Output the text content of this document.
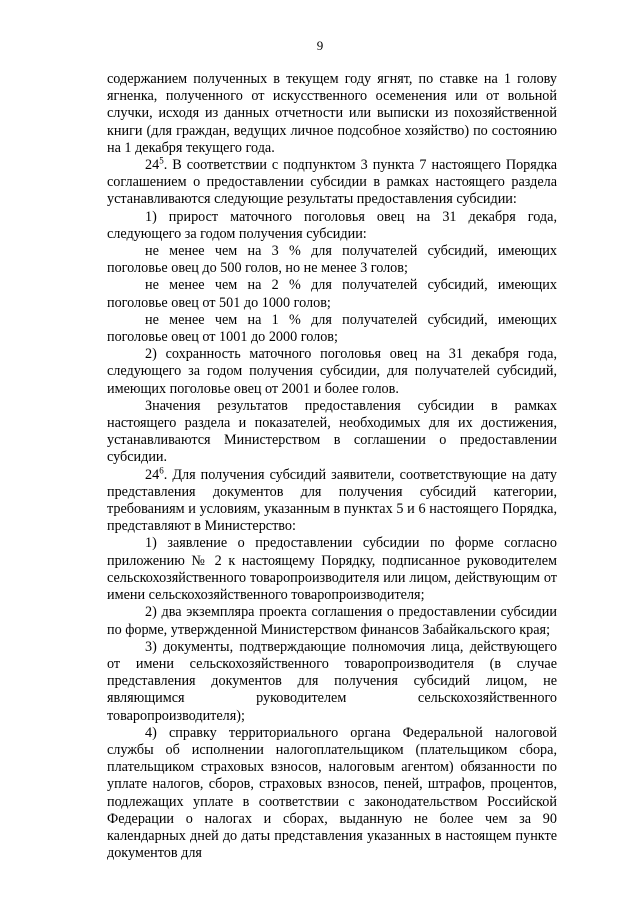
9

содержанием полученных в текущем году ягнят, по ставке на 1 голову ягненка, полученного от искусственного осеменения или от вольной случки, исходя из данных отчетности или выписки из похозяйственной книги (для граждан, ведущих личное подсобное хозяйство) по состоянию на 1 декабря текущего года.

$24^5$. В соответствии с подпунктом 3 пункта 7 настоящего Порядка соглашением о предоставлении субсидии в рамках настоящего раздела устанавливаются следующие результаты предоставления субсидии:

1) прирост маточного поголовья овец на 31 декабря года, следующего за годом получения субсидии:

не менее чем на 3 % для получателей субсидий, имеющих поголовье овец до 500 голов, но не менее 3 голов;

не менее чем на 2 % для получателей субсидий, имеющих поголовье овец от 501 до 1000 голов;

не менее чем на 1 % для получателей субсидий, имеющих поголовье овец от 1001 до 2000 голов;

2) сохранность маточного поголовья овец на 31 декабря года, следующего за годом получения субсидии, для получателей субсидий, имеющих поголовье овец от 2001 и более голов.

Значения результатов предоставления субсидии в рамках настоящего раздела и показателей, необходимых для их достижения, устанавливаются Министерством в соглашении о предоставлении субсидии.

$24^6$. Для получения субсидий заявители, соответствующие на дату представления документов для получения субсидий категории, требованиям и условиям, указанным в пунктах 5 и 6 настоящего Порядка, представляют в Министерство:

1) заявление о предоставлении субсидии по форме согласно приложению № 2 к настоящему Порядку, подписанное руководителем сельскохозяйственного товаропроизводителя или лицом, действующим от имени сельскохозяйственного товаропроизводителя;

2) два экземпляра проекта соглашения о предоставлении субсидии по форме, утвержденной Министерством финансов Забайкальского края;

3) документы, подтверждающие полномочия лица, действующего от имени сельскохозяйственного товаропроизводителя (в случае представления документов для получения субсидий лицом, не являющимся руководителем сельскохозяйственного товаропроизводителя);

4) справку территориального органа Федеральной налоговой службы об исполнении налогоплательщиком (плательщиком сбора, плательщиком страховых взносов, налоговым агентом) обязанности по уплате налогов, сборов, страховых взносов, пеней, штрафов, процентов, подлежащих уплате в соответствии с законодательством Российской Федерации о налогах и сборах, выданную не более чем за 90 календарных дней до даты представления указанных в настоящем пункте документов для
